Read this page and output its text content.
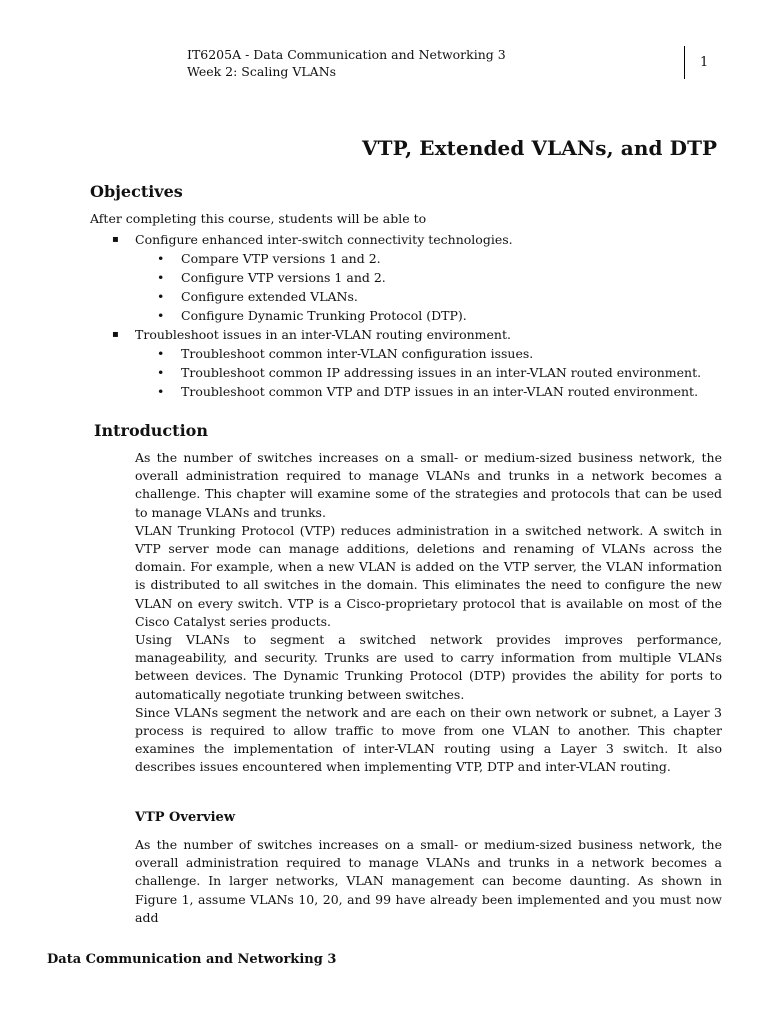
IT6205A - Data Communication and Networking 3
Week 2: Scaling VLANs
1
VTP, Extended VLANs, and DTP
Objectives
After completing this course, students will be able to
▪ Configure enhanced inter-switch connectivity technologies.
• Compare VTP versions 1 and 2.
• Configure VTP versions 1 and 2.
• Configure extended VLANs.
• Configure Dynamic Trunking Protocol (DTP).
▪ Troubleshoot issues in an inter-VLAN routing environment.
• Troubleshoot common inter-VLAN configuration issues.
• Troubleshoot common IP addressing issues in an inter-VLAN routed environment.
• Troubleshoot common VTP and DTP issues in an inter-VLAN routed environment.
Introduction

As the number of switches increases on a small- or medium-sized business network, the overall administration required to manage VLANs and trunks in a network becomes a challenge. This chapter will examine some of the strategies and protocols that can be used to manage VLANs and trunks.

VLAN Trunking Protocol (VTP) reduces administration in a switched network. A switch in VTP server mode can manage additions, deletions and renaming of VLANs across the domain. For example, when a new VLAN is added on the VTP server, the VLAN information is distributed to all switches in the domain. This eliminates the need to configure the new VLAN on every switch. VTP is a Cisco-proprietary protocol that is available on most of the Cisco Catalyst series products.

Using VLANs to segment a switched network provides improves performance, manageability, and security. Trunks are used to carry information from multiple VLANs between devices. The Dynamic Trunking Protocol (DTP) provides the ability for ports to automatically negotiate trunking between switches.

Since VLANs segment the network and are each on their own network or subnet, a Layer 3 process is required to allow traffic to move from one VLAN to another. This chapter examines the implementation of inter-VLAN routing using a Layer 3 switch. It also describes issues encountered when implementing VTP, DTP and inter-VLAN routing.

VTP Overview

As the number of switches increases on a small- or medium-sized business network, the overall administration required to manage VLANs and trunks in a network becomes a challenge. In larger networks, VLAN management can become daunting. As shown in Figure 1, assume VLANs 10, 20, and 99 have already been implemented and you must now add

Data Communication and Networking 3
